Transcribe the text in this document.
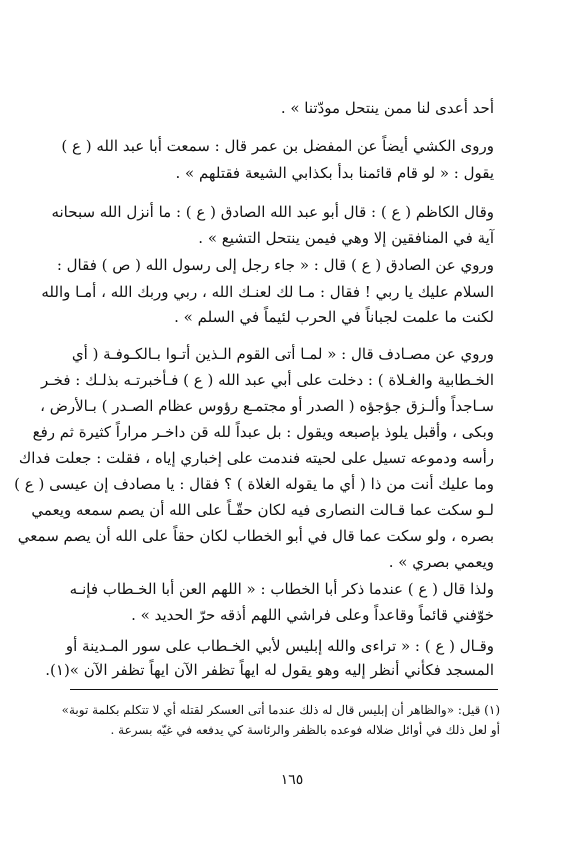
أحد أعدى لنا ممن ينتحل مودّتنا » .
وروى الكشي أيضاً عن المفضل بن عمر قال : سمعت أبا عبد الله ( ع )
يقول : « لو قام قائمنا بدأ بكذابي الشيعة فقتلهم » .
وقال الكاظم ( ع ) : قال أبو عبد الله الصادق ( ع ) : ما أنزل الله سبحانه
آية في المنافقين إلا وهي فيمن ينتحل التشيع » .
وروي عن الصادق ( ع ) قال : « جاء رجل إلى رسول الله ( ص ) فقال :
السلام عليك يا ربي ! فقال : مـا لك لعنـك الله ، ربي وربك الله ، أمـا والله
لكنت ما علمت لجباناً في الحرب لئيماً في السلم » .
وروي عن مصـادف قال : « لمـا أتى القوم الـذين أتـوا بـالكـوفـة ( أي
الخـطابية والغـلاة ) : دخلت على أبي عبد الله ( ع ) فـأخبرتـه بذلـك : فخـر
سـاجداً وألـزق جؤجؤه ( الصدر أو مجتمـع رؤوس عظام الصـدر ) بـالأرض ،
وبكى ، وأقبل يلوذ بإصبعه ويقول : بل عبداً لله قن داخـر مراراً كثيرة ثم رفع
رأسه ودموعه تسيل على لحيته فندمت على إخباري إياه ، فقلت : جعلت فداك
وما عليك أنت من ذا ( أي ما يقوله الغلاة ) ؟ فقال : يا مصادف إن عيسى ( ع )
لـو سكت عما قـالت النصارى فيه لكان حقّـاً على الله أن يصم سمعه ويعمي
بصره ، ولو سكت عما قال في أبو الخطاب لكان حقاً على الله أن يصم سمعي
ويعمي بصري » .
ولذا قال ( ع ) عندما ذكر أبا الخطاب : « اللهم العن أبا الخـطاب فإنـه
خوّفني قائماً وقاعداً وعلى فراشي اللهم أذقه حرّ الحديد » .
وقـال ( ع ) : « تراءى والله إبليس لأبي الخـطاب على سور المـدينة أو
المسجد فكأني أنظر إليه وهو يقول له ايهاً تظفر الآن ايهاً تظفر الآن »(١).
(١) قيل: «والظاهر أن إبليس قال له ذلك عندما أتى العسكر لقتله أي لا تتكلم بكلمة توبة»
أو لعل ذلك في أوائل ضلاله فوعده بالظفر والرئاسة كي يدفعه في غيّه بسرعة .
١٦٥
